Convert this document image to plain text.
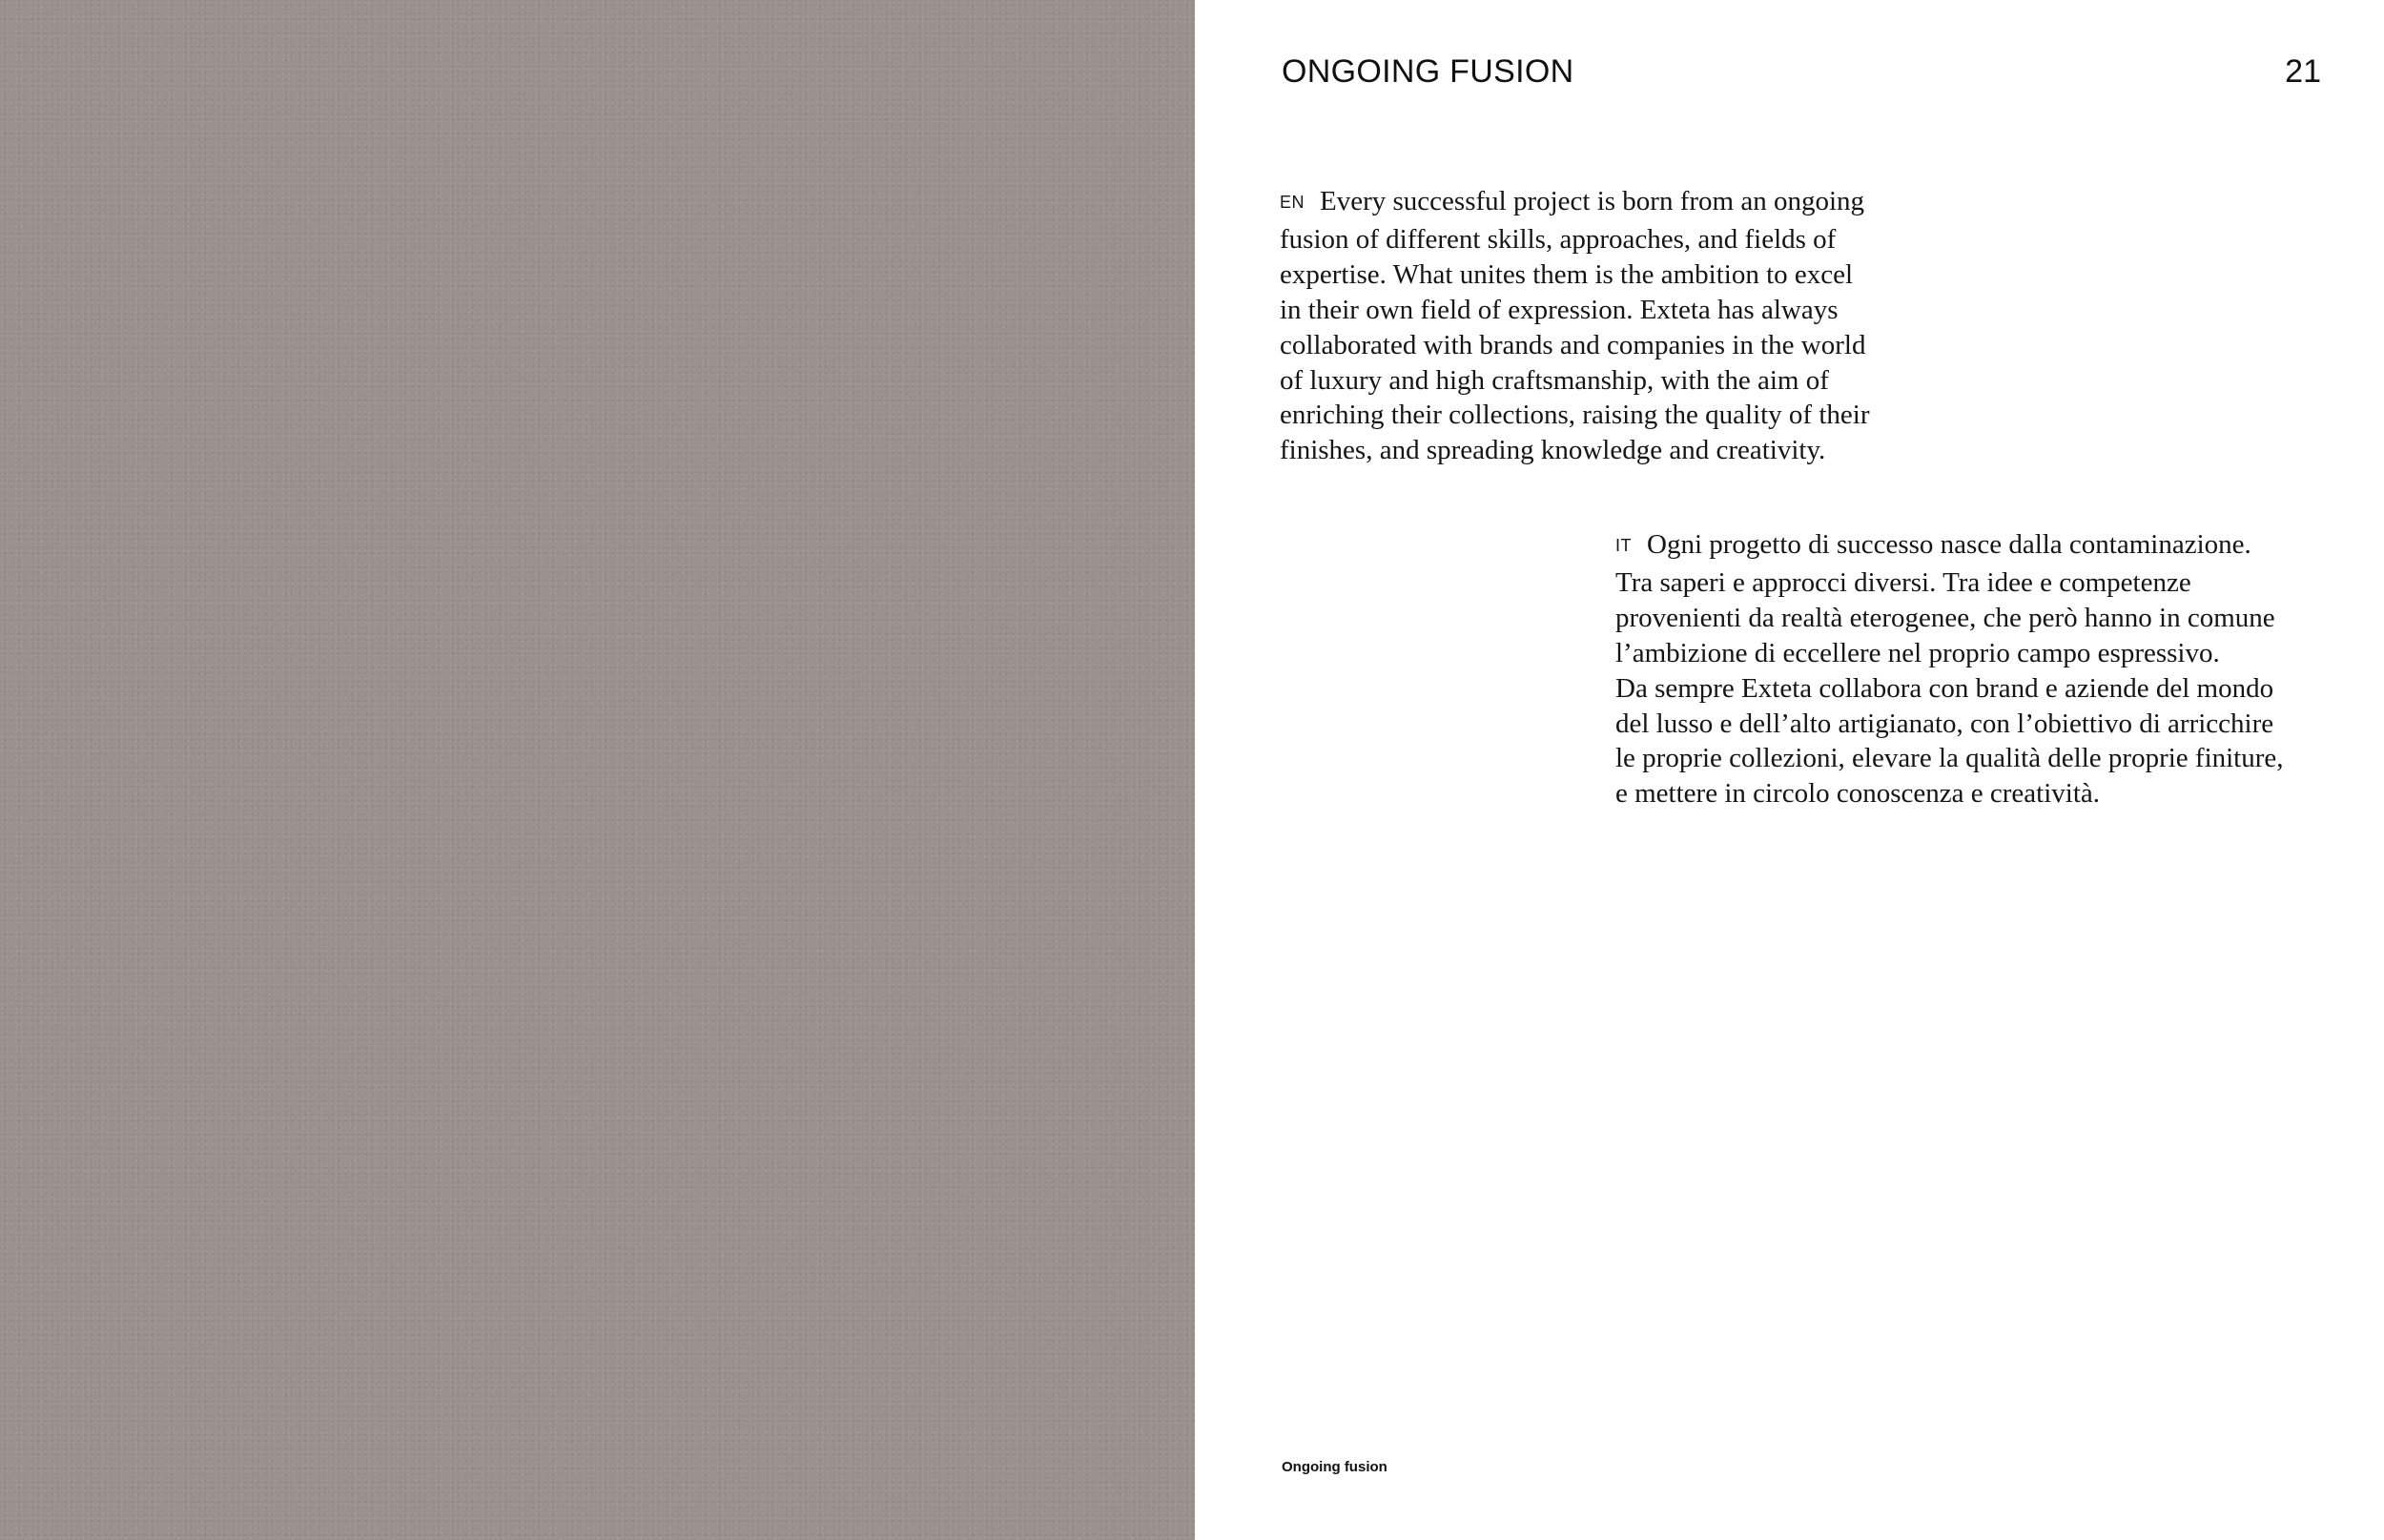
ONGOING FUSION	21
EN Every successful project is born from an ongoing
fusion of different skills, approaches, and fields of
expertise. What unites them is the ambition to excel
in their own field of expression. Exteta has always
collaborated with brands and companies in the world
of luxury and high craftsmanship, with the aim of
enriching their collections, raising the quality of their
finishes, and spreading knowledge and creativity.
IT Ogni progetto di successo nasce dalla contaminazione.
Tra saperi e approcci diversi. Tra idee e competenze
provenienti da realtà eterogenee, che però hanno in comune
l’ambizione di eccellere nel proprio campo espressivo.
Da sempre Exteta collabora con brand e aziende del mondo
del lusso e dell’alto artigianato, con l’obiettivo di arricchire
le proprie collezioni, elevare la qualità delle proprie finiture,
e mettere in circolo conoscenza e creatività.
Ongoing fusion
